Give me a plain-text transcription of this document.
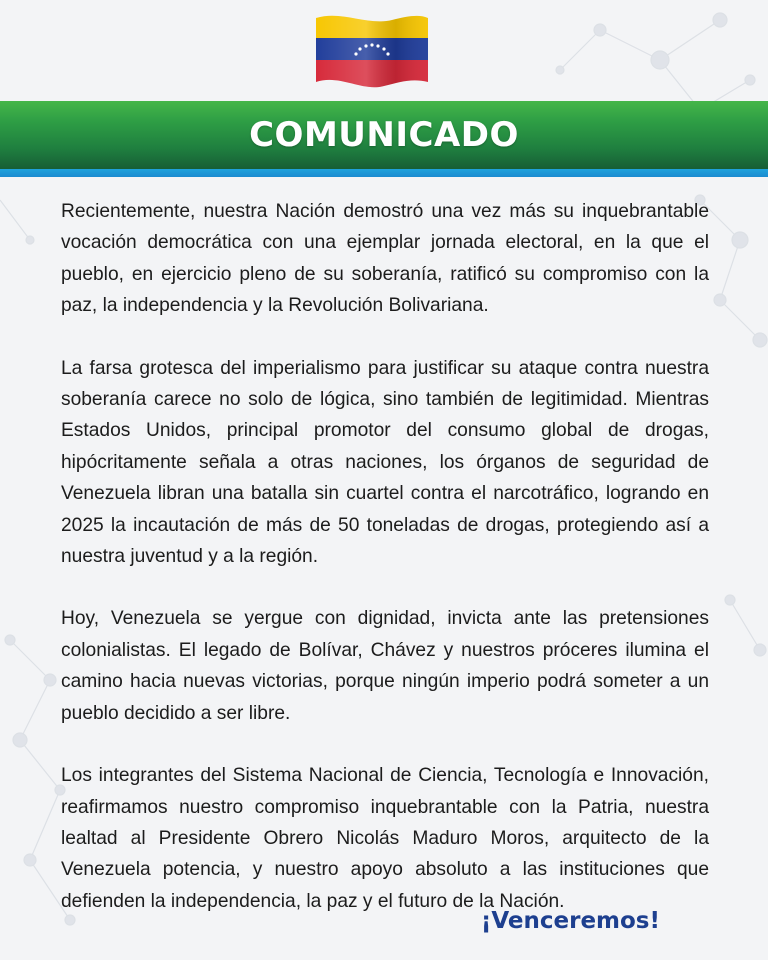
COMUNICADO

Recientemente, nuestra Nación demostró una vez más su inquebrantable vocación democrática con una ejemplar jornada electoral, en la que el pueblo, en ejercicio pleno de su soberanía, ratificó su compromiso con la paz, la independencia y la Revolución Bolivariana.

La farsa grotesca del imperialismo para justificar su ataque contra nuestra soberanía carece no solo de lógica, sino también de legitimidad. Mientras Estados Unidos, principal promotor del consumo global de drogas, hipócritamente señala a otras naciones, los órganos de seguridad de Venezuela libran una batalla sin cuartel contra el narcotráfico, logrando en 2025 la incautación de más de 50 toneladas de drogas, protegiendo así a nuestra juventud y a la región.

Hoy, Venezuela se yergue con dignidad, invicta ante las pretensiones colonialistas. El legado de Bolívar, Chávez y nuestros próceres ilumina el camino hacia nuevas victorias, porque ningún imperio podrá someter a un pueblo decidido a ser libre.

Los integrantes del Sistema Nacional de Ciencia, Tecnología e Innovación, reafirmamos nuestro compromiso inquebrantable con la Patria, nuestra lealtad al Presidente Obrero Nicolás Maduro Moros, arquitecto de la Venezuela potencia, y nuestro apoyo absoluto a las instituciones que defienden la independencia, la paz y el futuro de la Nación.

¡Venceremos!
